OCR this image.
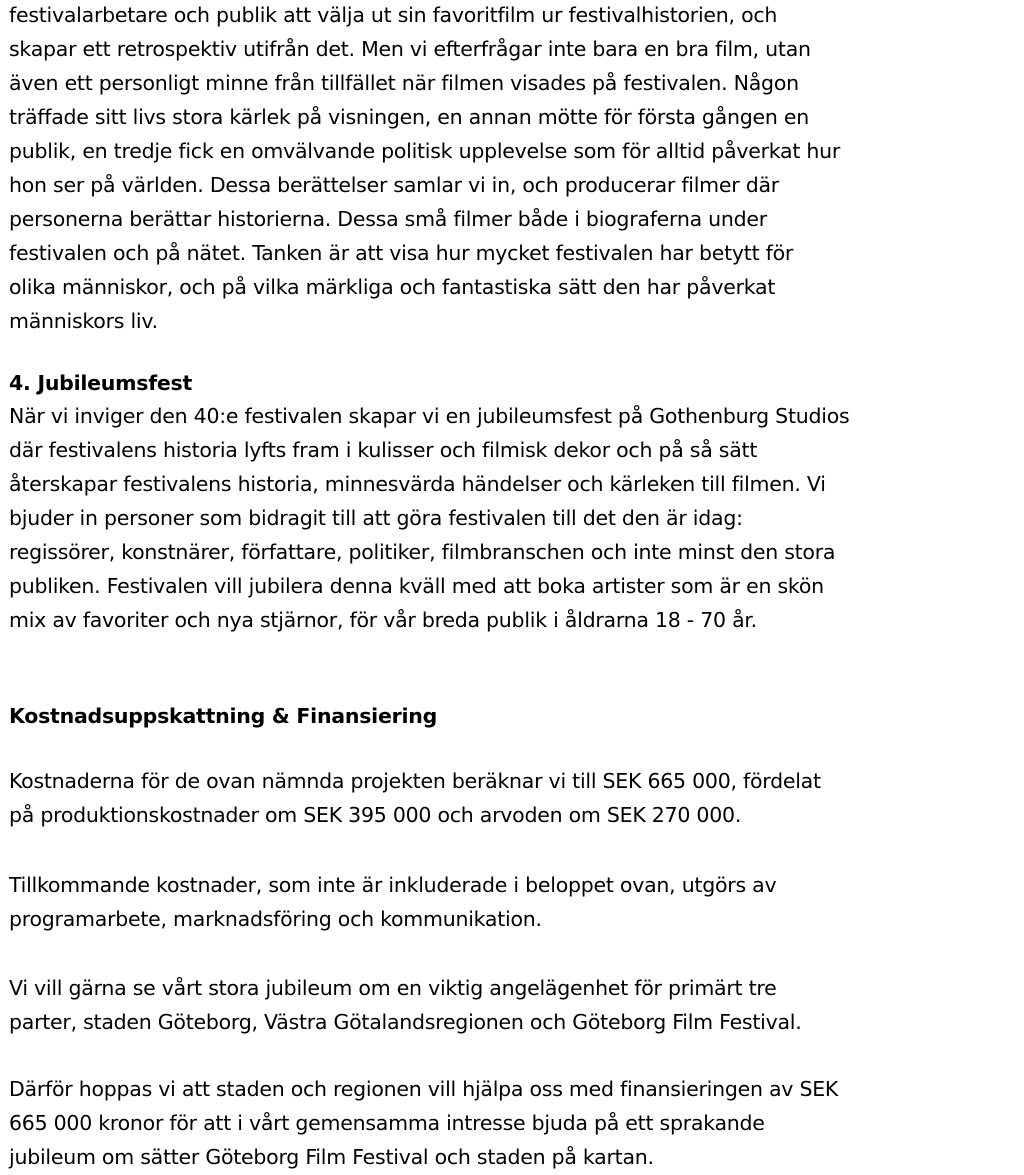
festivalarbetare och publik att välja ut sin favoritfilm ur festivalhistorien, och
skapar ett retrospektiv utifrån det. Men vi efterfrågar inte bara en bra film, utan
även ett personligt minne från tillfället när filmen visades på festivalen. Någon
träffade sitt livs stora kärlek på visningen, en annan mötte för första gången en
publik, en tredje fick en omvälvande politisk upplevelse som för alltid påverkat hur
hon ser på världen. Dessa berättelser samlar vi in, och producerar filmer där
personerna berättar historierna. Dessa små filmer både i biograferna under
festivalen och på nätet. Tanken är att visa hur mycket festivalen har betytt för
olika människor, och på vilka märkliga och fantastiska sätt den har påverkat
människors liv.
4. Jubileumsfest
När vi inviger den 40:e festivalen skapar vi en jubileumsfest på Gothenburg Studios
där festivalens historia lyfts fram i kulisser och filmisk dekor och på så sätt
återskapar festivalens historia, minnesvärda händelser och kärleken till filmen. Vi
bjuder in personer som bidragit till att göra festivalen till det den är idag:
regissörer, konstnärer, författare, politiker, filmbranschen och inte minst den stora
publiken. Festivalen vill jubilera denna kväll med att boka artister som är en skön
mix av favoriter och nya stjärnor, för vår breda publik i åldrarna 18 - 70 år.
Kostnadsuppskattning & Finansiering
Kostnaderna för de ovan nämnda projekten beräknar vi till SEK 665 000, fördelat
på produktionskostnader om SEK 395 000 och arvoden om SEK 270 000.
Tillkommande kostnader, som inte är inkluderade i beloppet ovan, utgörs av
programarbete, marknadsföring och kommunikation.
Vi vill gärna se vårt stora jubileum om en viktig angelägenhet för primärt tre
parter, staden Göteborg, Västra Götalandsregionen och Göteborg Film Festival.
Därför hoppas vi att staden och regionen vill hjälpa oss med finansieringen av SEK
665 000 kronor för att i vårt gemensamma intresse bjuda på ett sprakande
jubileum om sätter Göteborg Film Festival och staden på kartan.
